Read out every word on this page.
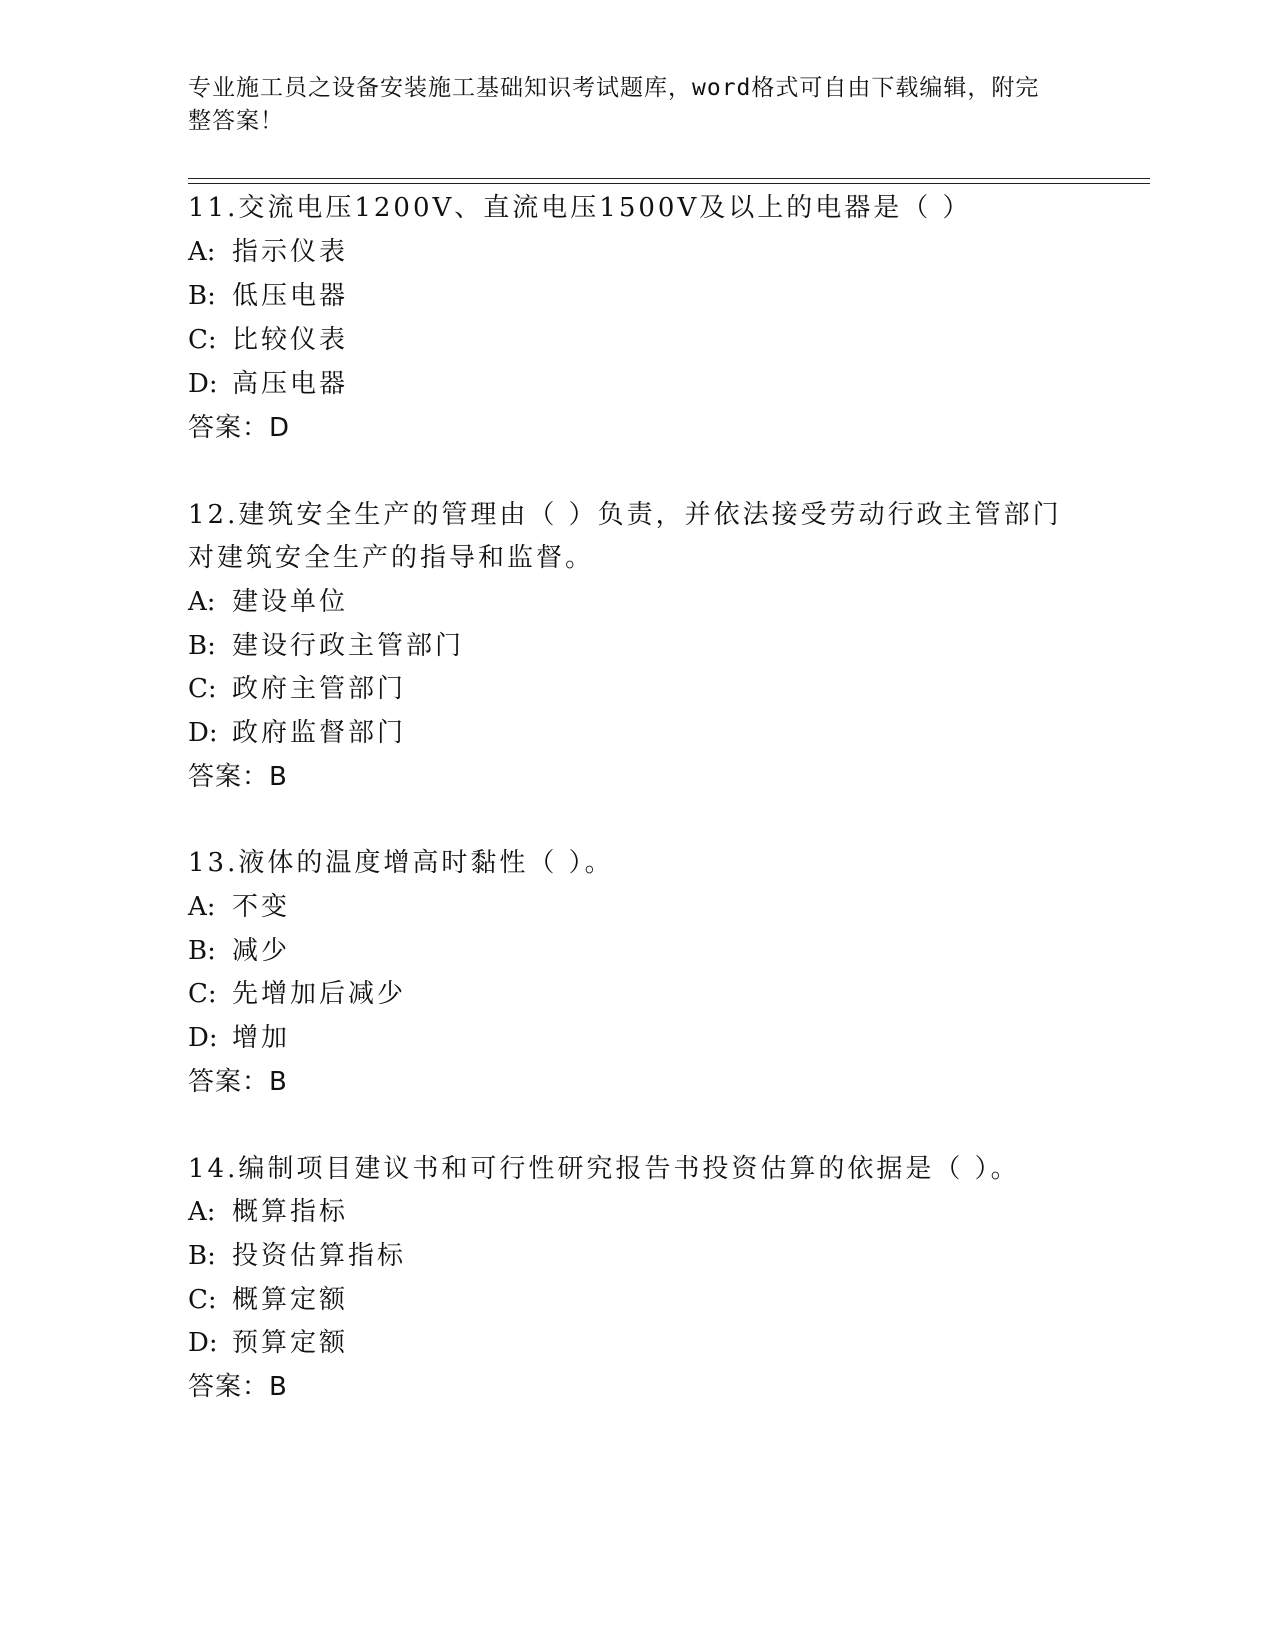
专业施工员之设备安装施工基础知识考试题库，word格式可自由下载编辑，附完
整答案！
11.交流电压1200V、直流电压1500V及以上的电器是（ ）
A: 指示仪表
B: 低压电器
C: 比较仪表
D: 高压电器
答案：D
12.建筑安全生产的管理由（ ）负责，并依法接受劳动行政主管部门
对建筑安全生产的指导和监督。
A: 建设单位
B: 建设行政主管部门
C: 政府主管部门
D: 政府监督部门
答案：B
13.液体的温度增高时黏性（ ）。
A: 不变
B: 减少
C: 先增加后减少
D: 增加
答案：B
14.编制项目建议书和可行性研究报告书投资估算的依据是（ ）。
A: 概算指标
B: 投资估算指标
C: 概算定额
D: 预算定额
答案：B
